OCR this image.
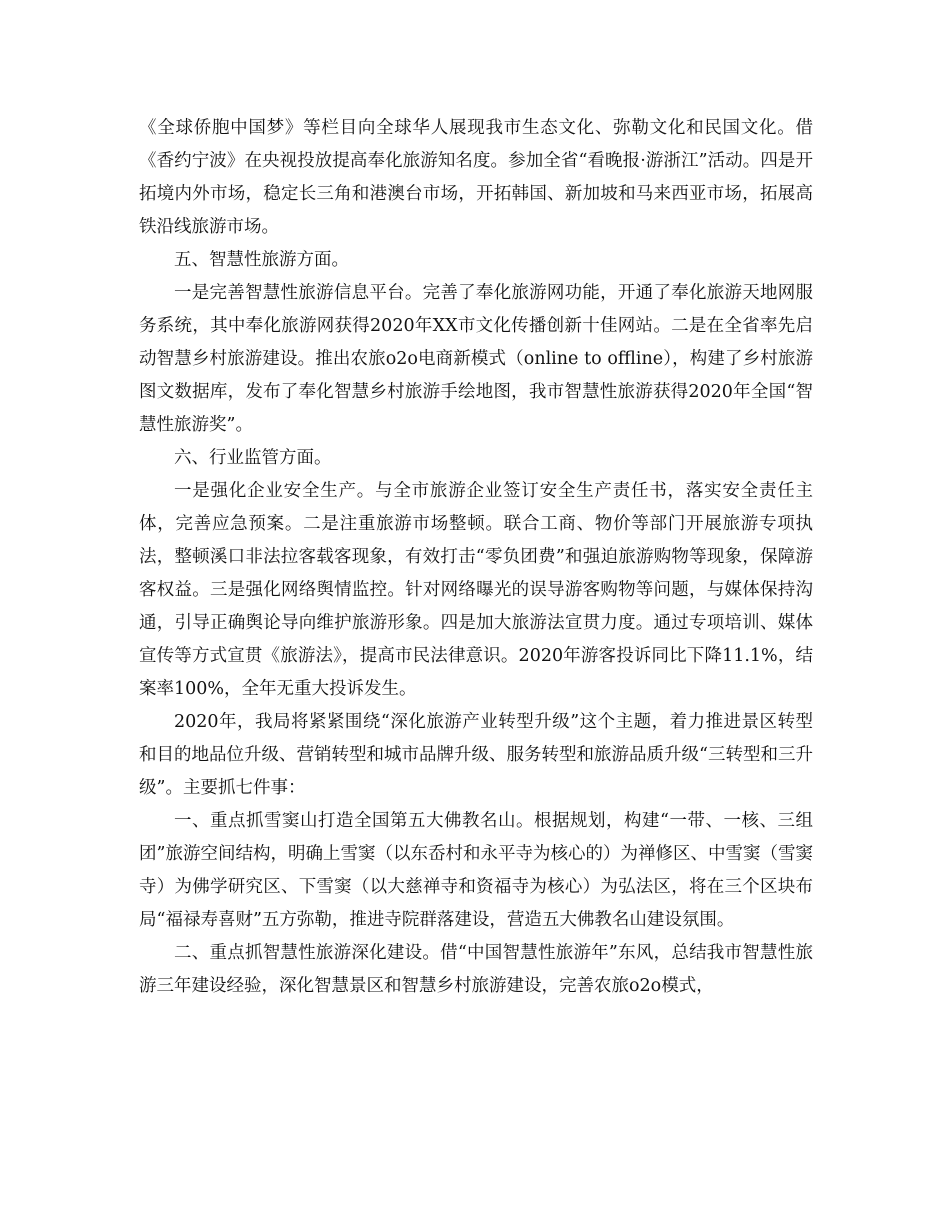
《全球侨胞中国梦》等栏目向全球华人展现我市生态文化、弥勒文化和民国文化。借《香约宁波》在央视投放提高奉化旅游知名度。参加全省“看晚报·游浙江”活动。四是开拓境内外市场，稳定长三角和港澳台市场，开拓韩国、新加坡和马来西亚市场，拓展高铁沿线旅游市场。

五、智慧性旅游方面。

一是完善智慧性旅游信息平台。完善了奉化旅游网功能，开通了奉化旅游天地网服务系统，其中奉化旅游网获得2020年XX市文化传播创新十佳网站。二是在全省率先启动智慧乡村旅游建设。推出农旅o2o电商新模式（online to offline），构建了乡村旅游图文数据库，发布了奉化智慧乡村旅游手绘地图，我市智慧性旅游获得2020年全国“智慧性旅游奖”。

六、行业监管方面。

一是强化企业安全生产。与全市旅游企业签订安全生产责任书，落实安全责任主体，完善应急预案。二是注重旅游市场整顿。联合工商、物价等部门开展旅游专项执法，整顿溪口非法拉客载客现象，有效打击“零负团费”和强迫旅游购物等现象，保障游客权益。三是强化网络舆情监控。针对网络曝光的误导游客购物等问题，与媒体保持沟通，引导正确舆论导向维护旅游形象。四是加大旅游法宣贯力度。通过专项培训、媒体宣传等方式宣贯《旅游法》，提高市民法律意识。2020年游客投诉同比下降11.1%，结案率100%，全年无重大投诉发生。

2020年，我局将紧紧围绕“深化旅游产业转型升级”这个主题，着力推进景区转型和目的地品位升级、营销转型和城市品牌升级、服务转型和旅游品质升级“三转型和三升级”。主要抓七件事：

一、重点抓雪窦山打造全国第五大佛教名山。根据规划，构建“一带、一核、三组团”旅游空间结构，明确上雪窦（以东岙村和永平寺为核心的）为禅修区、中雪窦（雪窦寺）为佛学研究区、下雪窦（以大慈禅寺和资福寺为核心）为弘法区，将在三个区块布局“福禄寿喜财”五方弥勒，推进寺院群落建设，营造五大佛教名山建设氛围。

二、重点抓智慧性旅游深化建设。借“中国智慧性旅游年”东风，总结我市智慧性旅游三年建设经验，深化智慧景区和智慧乡村旅游建设，完善农旅o2o模式，
